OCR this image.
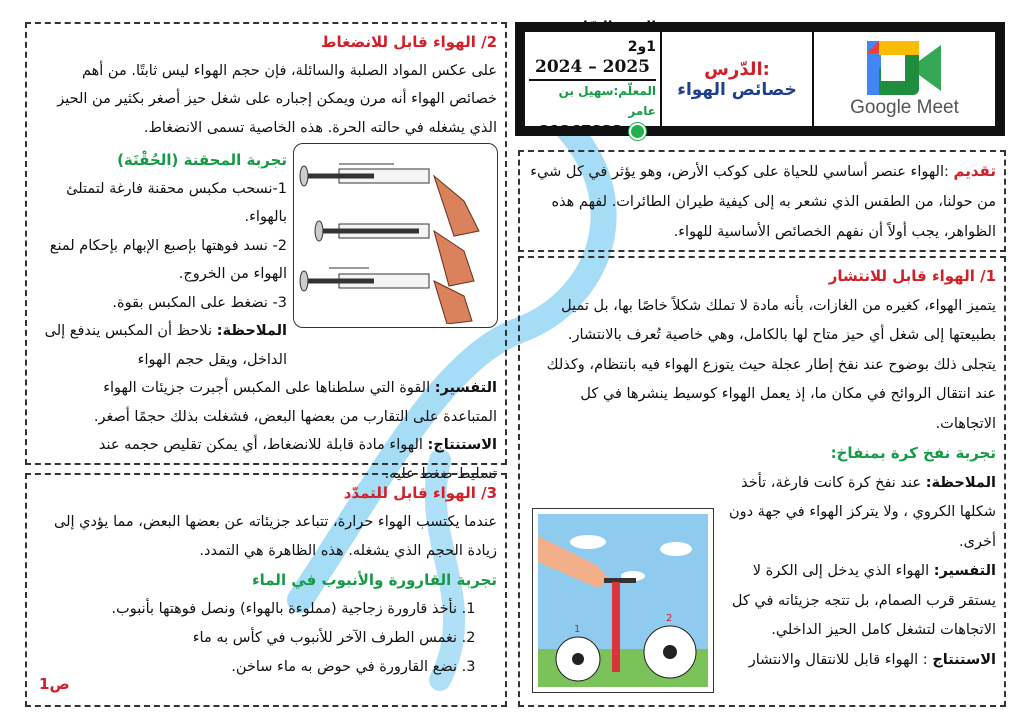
السنة السّادسة 1و2
2025 – 2024
المعلّم:سهيل بن عامر
21267833
الدّرس:
خصائص الهواء
Google Meet

تقديم :الهواء عنصر أساسي للحياة على كوكب الأرض، وهو يؤثر في كل شيء من حولنا، من الطقس الذي نشعر به إلى كيفية طيران الطائرات. لفهم هذه الظواهر، يجب أولاً أن نفهم الخصائص الأساسية للهواء.

1/ الهواء قابل للانتشار

يتميز الهواء، كغيره من الغازات، بأنه مادة لا تملك شكلاً خاصًا بها، بل تميل بطبيعتها إلى شغل أي حيز متاح لها بالكامل، وهي خاصية تُعرف بالانتشار.

يتجلى ذلك بوضوح عند نفخ إطار عجلة حيث يتوزع الهواء فيه بانتظام، وكذلك عند انتقال الروائح في مكان ما، إذ يعمل الهواء كوسيط ينشرها في كل الاتجاهات.

تجربة نفخ كرة بمنفاخ:

الملاحظة: عند نفخ كرة كانت فارغة، تأخذ شكلها الكروي ، ولا يتركز الهواء في جهة دون أخرى.

التفسير: الهواء الذي يدخل إلى الكرة لا يستقر قرب الصمام، بل تتجه جزيئاته في كل الاتجاهات لتشغل كامل الحيز الداخلي.

الاستنتاج : الهواء قابل للانتقال والانتشار

1
2
2/ الهواء قابل للانضغاط

على عكس المواد الصلبة والسائلة، فإن حجم الهواء ليس ثابتًا. من أهم خصائص الهواء أنه مرن ويمكن إجباره على شغل حيز أصغر بكثير من الحيز الذي يشغله في حالته الحرة. هذه الخاصية تسمى الانضغاط.

تجربة المحقنة (الحُقْنَة)

1-نسحب مكبس محقنة فارغة لتمتلئ بالهواء.

2- نسد فوهتها بإصبع الإبهام بإحكام لمنع الهواء من الخروج.

3- نضغط على المكبس بقوة.

الملاحظة: نلاحظ أن المكبس يندفع إلى الداخل، ويقل حجم الهواء

التفسير: القوة التي سلطناها على المكبس أجبرت جزيئات الهواء المتباعدة على التقارب من بعضها البعض، فشغلت بذلك حجمًا أصغر.

الاستنتاج: الهواء مادة قابلة للانضغاط، أي يمكن تقليص حجمه عند تسليط ضغط عليه.

3/ الهواء قابل للتمدّد

عندما يكتسب الهواء حرارة، تتباعد جزيئاته عن بعضها البعض، مما يؤدي إلى زيادة الحجم الذي يشغله. هذه الظاهرة هي التمدد.

تجربة القارورة والأنبوب في الماء
1. نأخذ قارورة زجاجية (مملوءة بالهواء) ونصل فوهتها بأنبوب.
2. نغمس الطرف الآخر للأنبوب في كأس به ماء
3. نضع القارورة في حوض به ماء ساخن.
ص1
